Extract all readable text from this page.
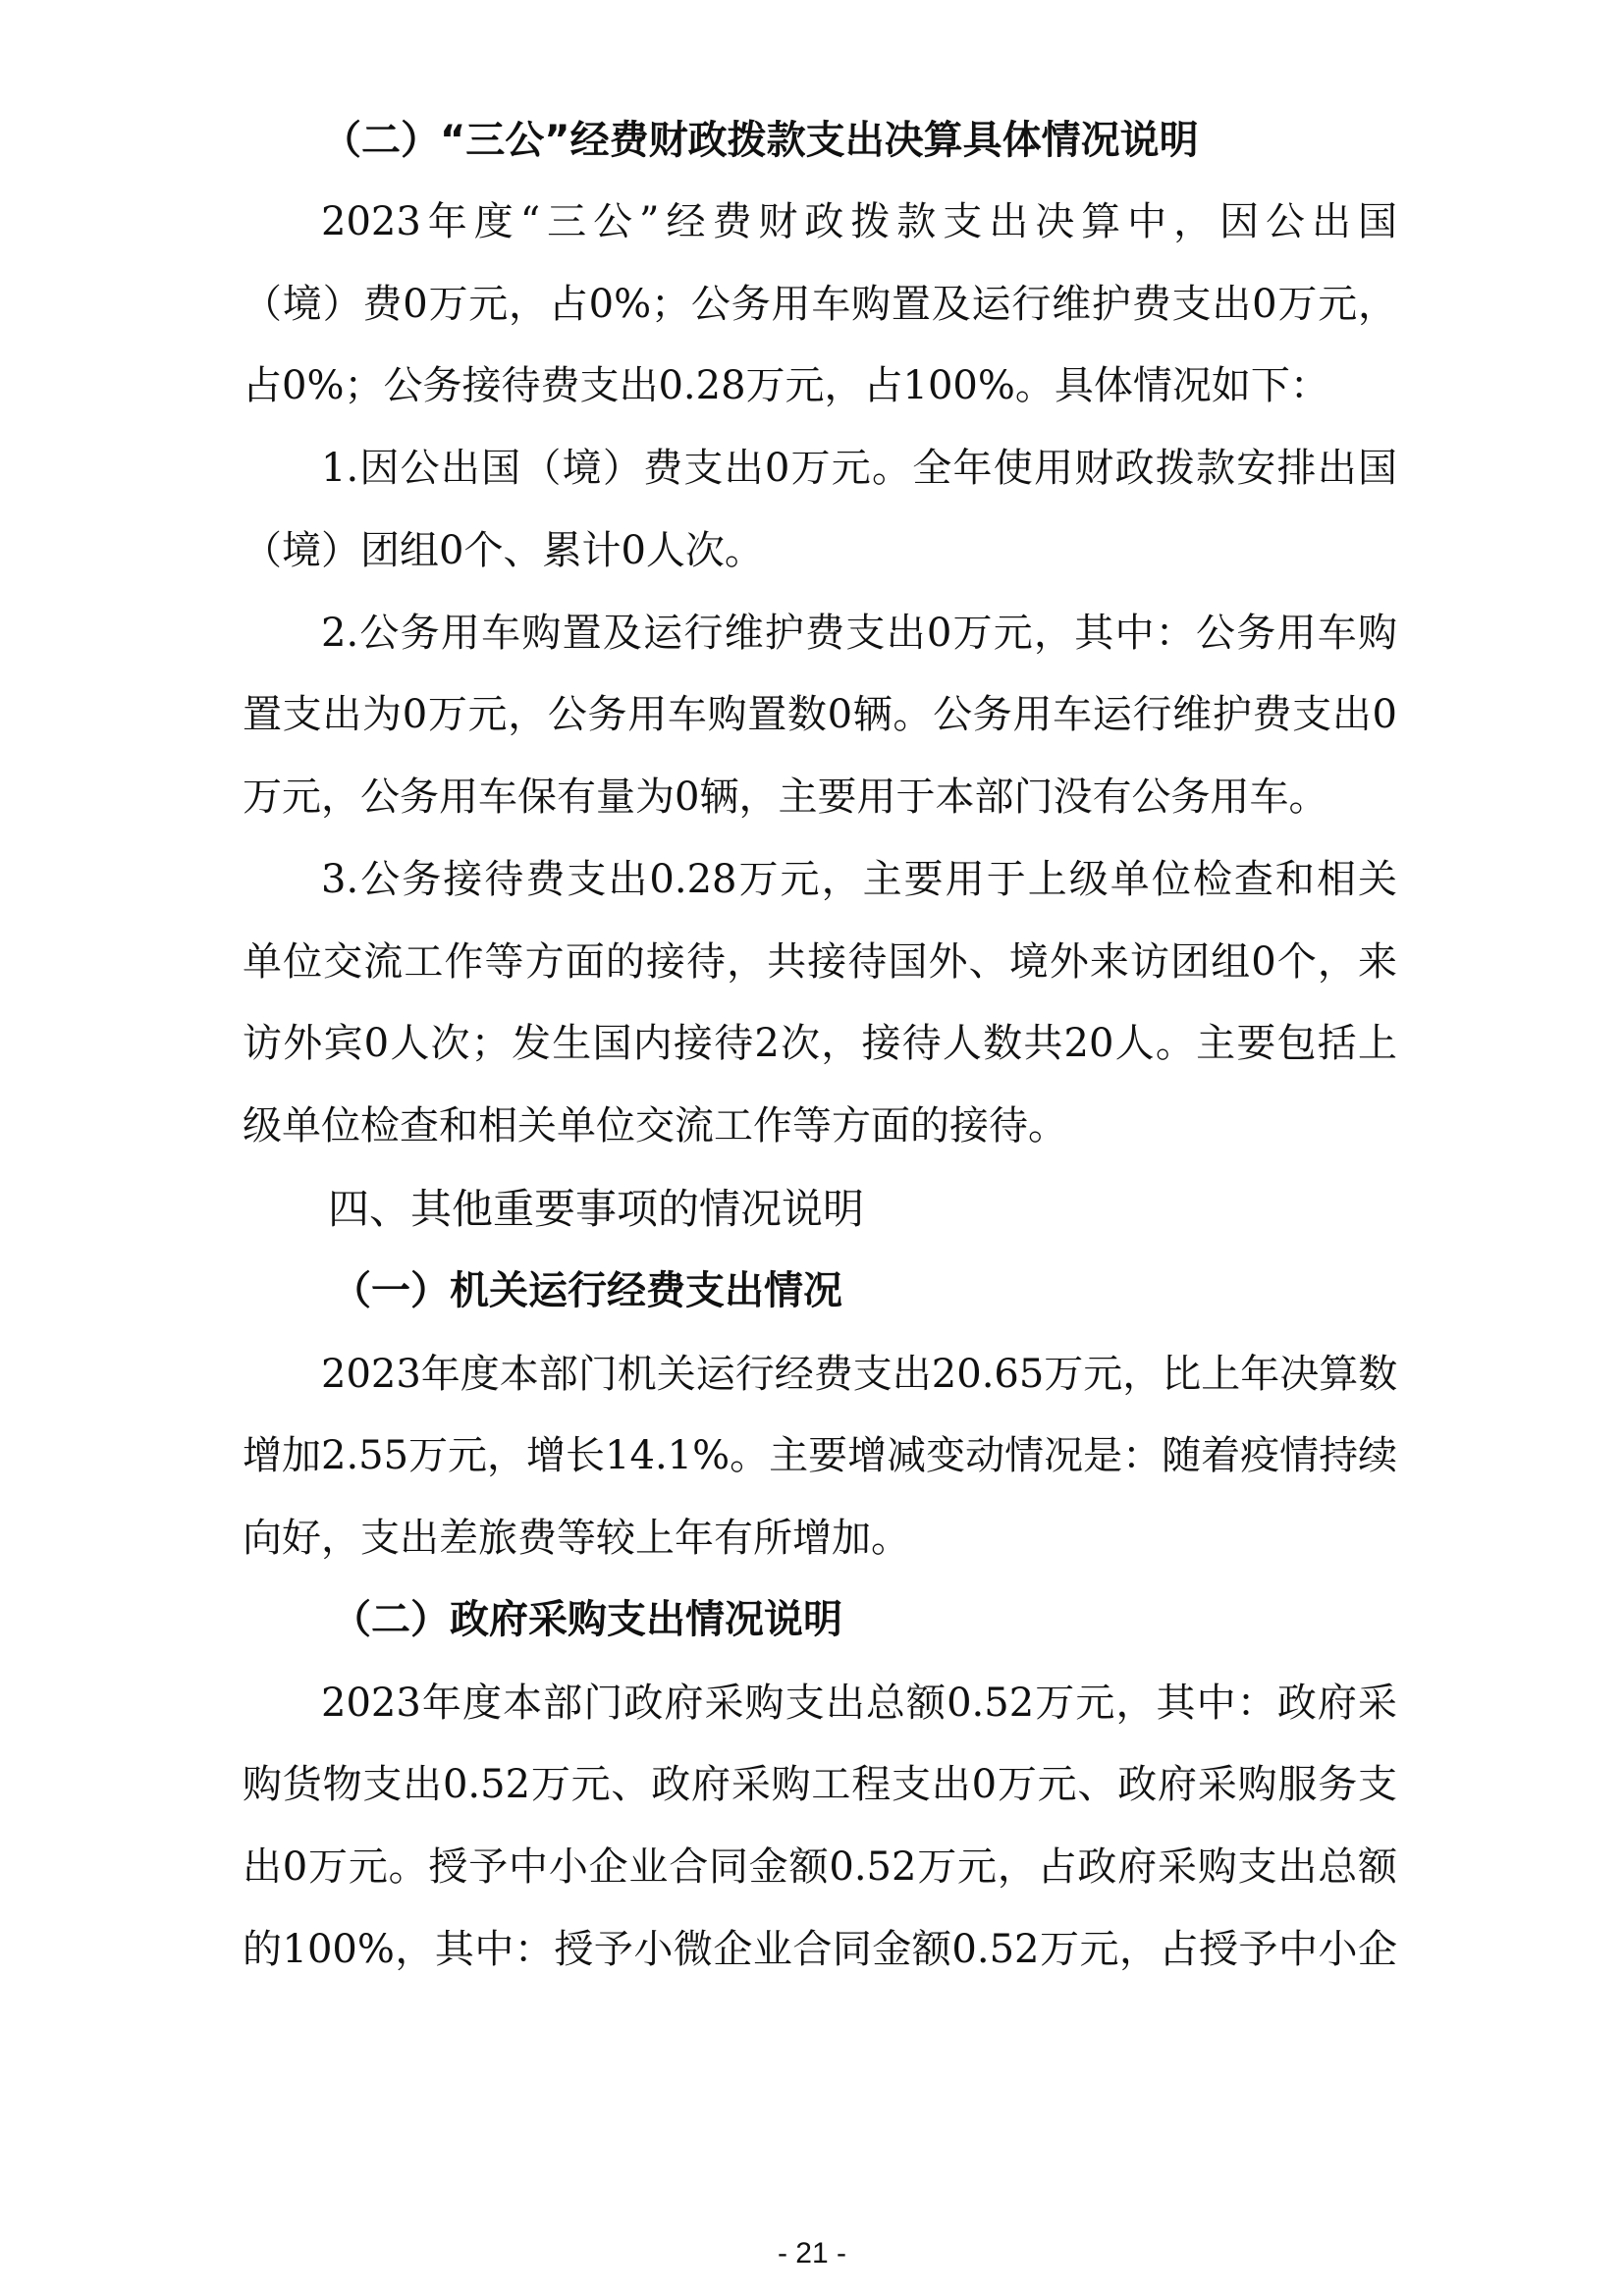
（二）“三公”经费财政拨款支出决算具体情况说明
2023年度“三公”经费财政拨款支出决算中，因公出国
（境）费0万元，占0%；公务用车购置及运行维护费支出0万元，
占0%；公务接待费支出0.28万元，占100%。具体情况如下：
1.因公出国（境）费支出0万元。全年使用财政拨款安排出国
（境）团组0个、累计0人次。
2.公务用车购置及运行维护费支出0万元，其中：公务用车购
置支出为0万元，公务用车购置数0辆。公务用车运行维护费支出0
万元，公务用车保有量为0辆，主要用于本部门没有公务用车。
3.公务接待费支出0.28万元，主要用于上级单位检查和相关
单位交流工作等方面的接待，共接待国外、境外来访团组0个，来
访外宾0人次；发生国内接待2次，接待人数共20人。主要包括上
级单位检查和相关单位交流工作等方面的接待。
四、其他重要事项的情况说明
（一）机关运行经费支出情况
2023年度本部门机关运行经费支出20.65万元，比上年决算数
增加2.55万元，增长14.1%。主要增减变动情况是：随着疫情持续
向好，支出差旅费等较上年有所增加。
（二）政府采购支出情况说明
2023年度本部门政府采购支出总额0.52万元，其中：政府采
购货物支出0.52万元、政府采购工程支出0万元、政府采购服务支
出0万元。授予中小企业合同金额0.52万元，占政府采购支出总额
的100%，其中：授予小微企业合同金额0.52万元，占授予中小企
- 21 -
